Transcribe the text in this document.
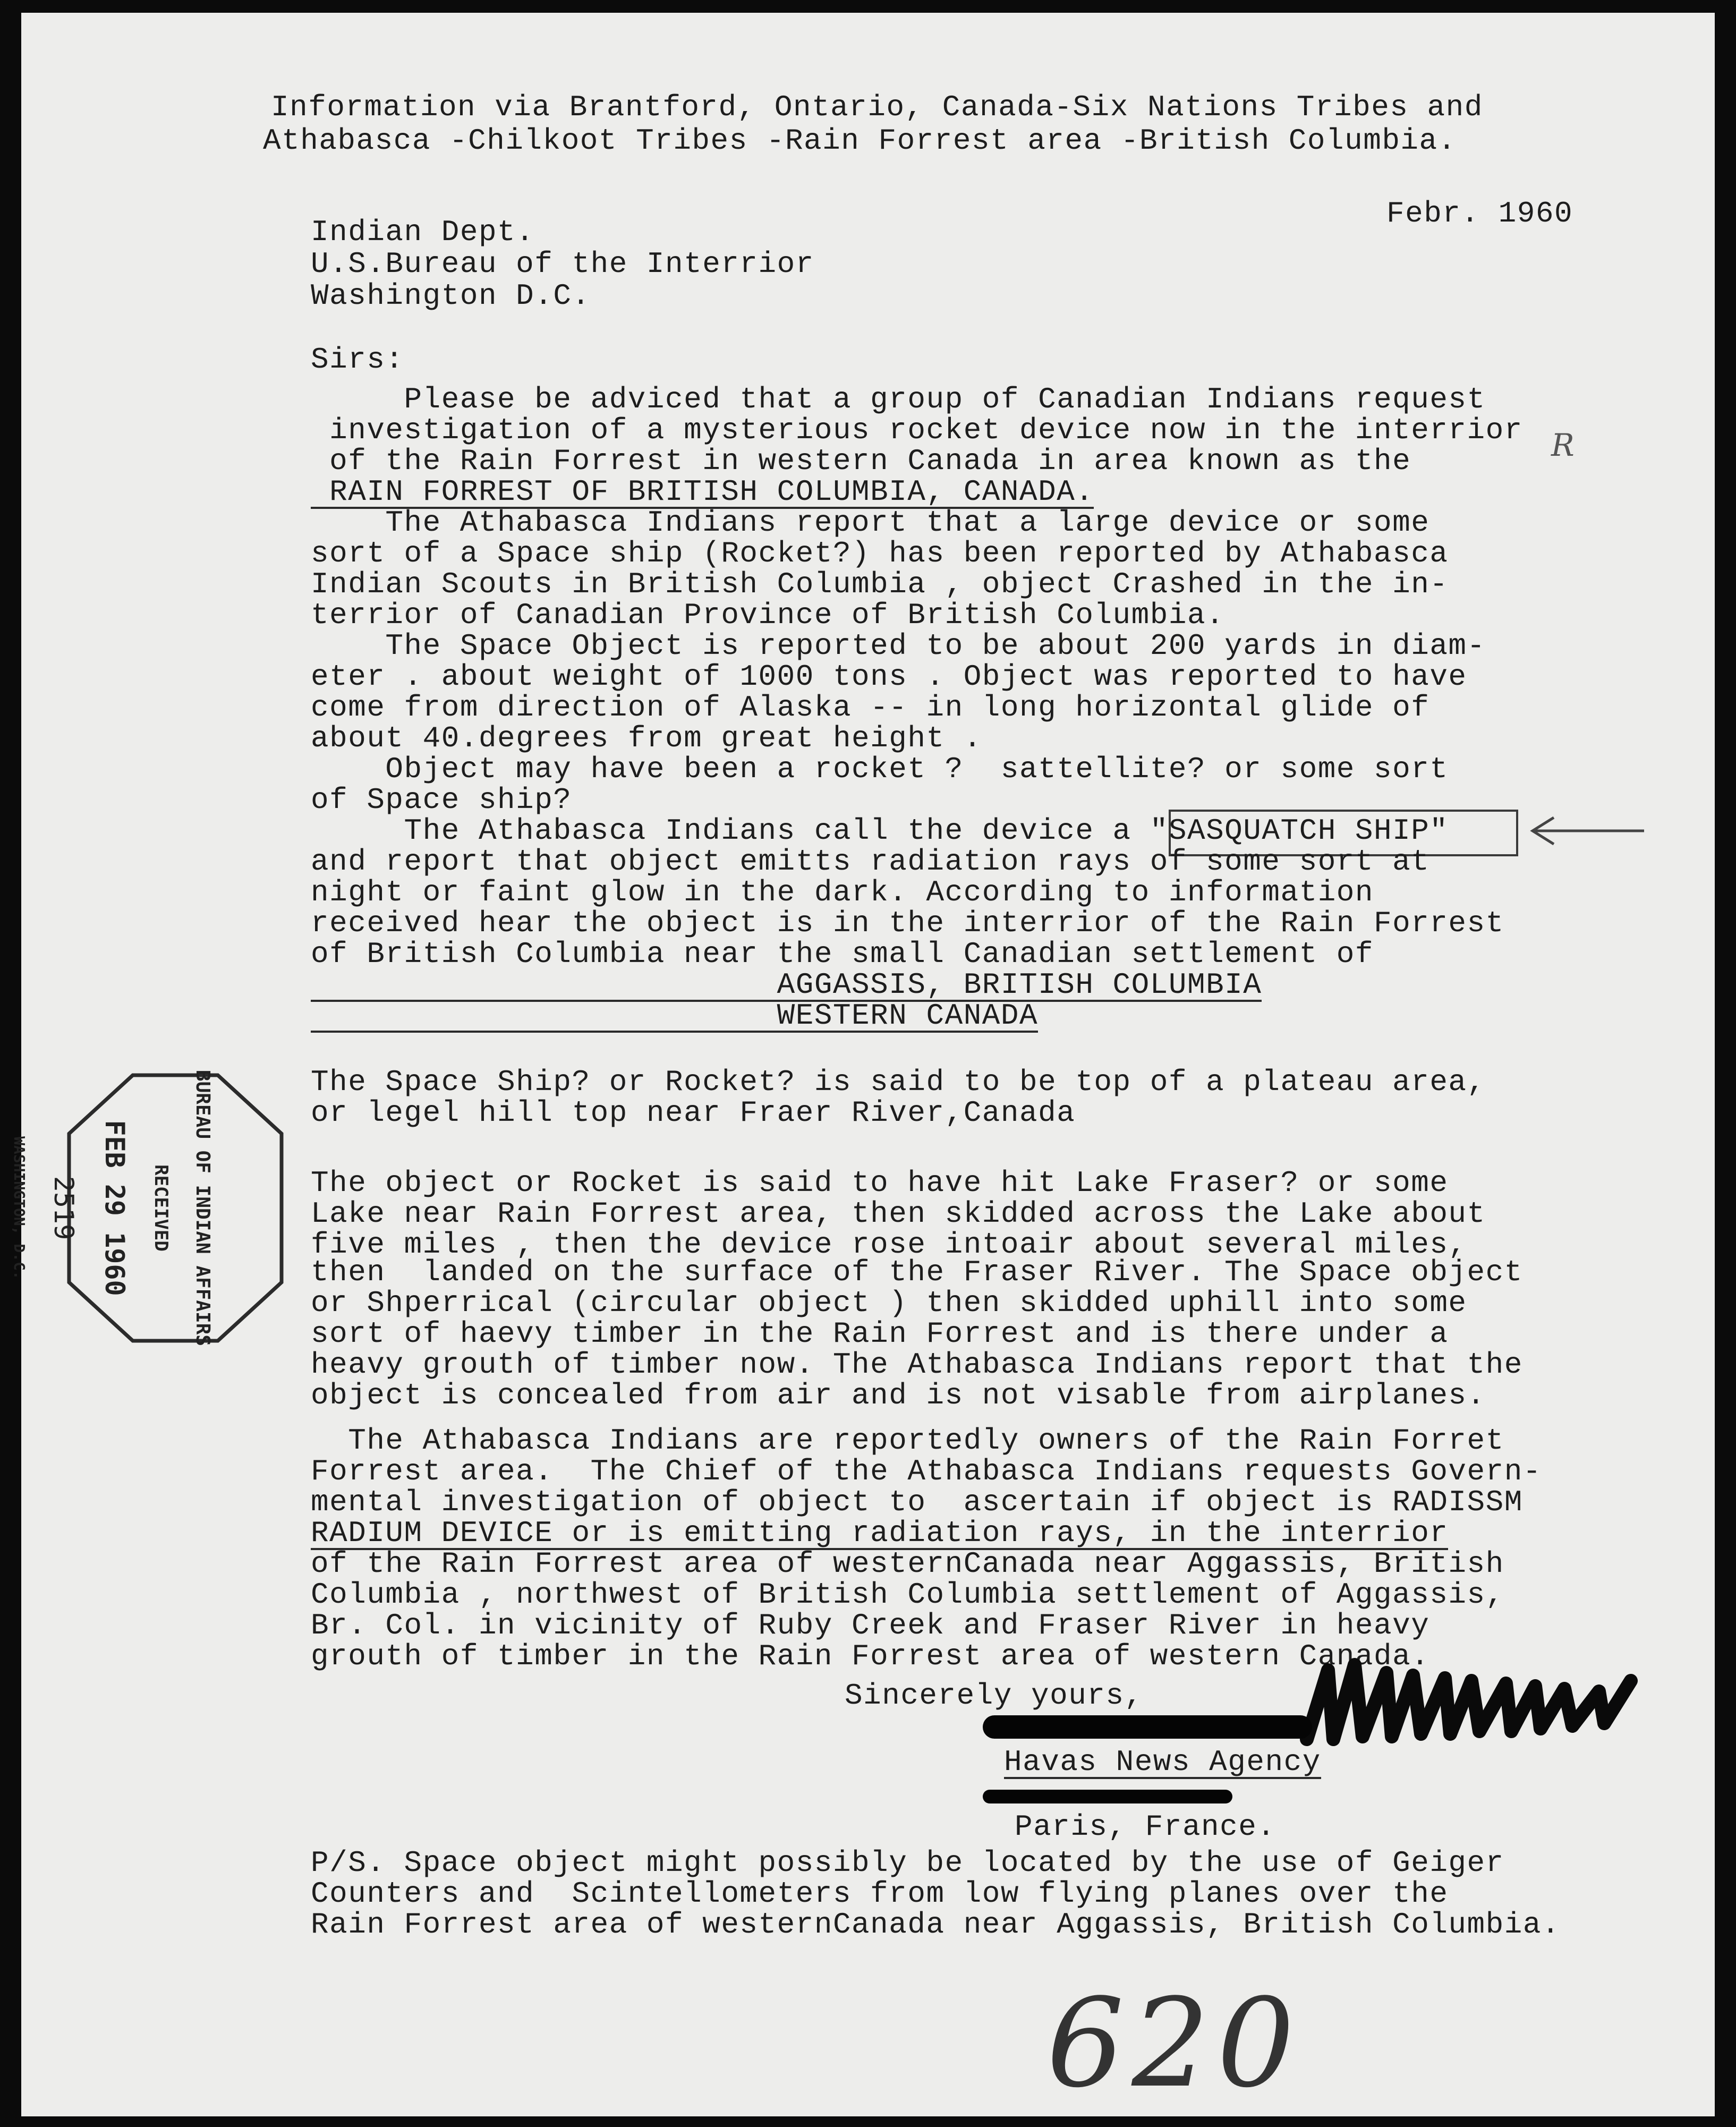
Information via Brantford, Ontario, Canada-Six Nations Tribes and
Athabasca -Chilkoot Tribes -Rain Forrest area -British Columbia.
Febr. 1960
Indian Dept.
U.S.Bureau of the Interrior
Washington D.C.
Sirs:
Please be adviced that a group of Canadian Indians request
investigation of a mysterious rocket device now in the interrior
of the Rain Forrest in western Canada in area known as the
RAIN FORREST OF BRITISH COLUMBIA, CANADA.
The Athabasca Indians report that a large device or some
sort of a Space ship (Rocket?) has been reported by Athabasca
Indian Scouts in British Columbia , object Crashed in the in-
terrior of Canadian Province of British Columbia.
The Space Object is reported to be about 200 yards in diam-
eter . about weight of 1000 tons . Object was reported to have
come from direction of Alaska -- in long horizontal glide of
about 40.degrees from great height .
Object may have been a rocket ?  sattellite? or some sort
of Space ship?
The Athabasca Indians call the device a "SASQUATCH SHIP"
and report that object emitts radiation rays of some sort at
night or faint glow in the dark. According to information
received hear the object is in the interrior of the Rain Forrest
of British Columbia near the small Canadian settlement of
AGGASSIS, BRITISH COLUMBIA
WESTERN CANADA
The Space Ship? or Rocket? is said to be top of a plateau area,
or legel hill top near Fraer River,Canada
The object or Rocket is said to have hit Lake Fraser? or some
Lake near Rain Forrest area, then skidded across the Lake about
five miles , then the device rose intoair about several miles,
then  landed on the surface of the Fraser River. The Space object
or Shperrical (circular object ) then skidded uphill into some
sort of haevy timber in the Rain Forrest and is there under a
heavy grouth of timber now. The Athabasca Indians report that the
object is concealed from air and is not visable from airplanes.
The Athabasca Indians are reportedly owners of the Rain Forret
Forrest area.  The Chief of the Athabasca Indians requests Govern-
mental investigation of object to  ascertain if object is RADISSM
RADIUM DEVICE or is emitting radiation rays, in the interrior
of the Rain Forrest area of westernCanada near Aggassis, British
Columbia , northwest of British Columbia settlement of Aggassis,
Br. Col. in vicinity of Ruby Creek and Fraser River in heavy
grouth of timber in the Rain Forrest area of western Canada.
Sincerely yours,
Havas News Agency
Paris, France.
P/S. Space object might possibly be located by the use of Geiger
Counters and  Scintellometers from low flying planes over the
Rain Forrest area of westernCanada near Aggassis, British Columbia.
620
R

BUREAU OF INDIAN AFFAIRS

RECEIVED

FEB 29 1960

2519

WASHINGTON, D.C.
